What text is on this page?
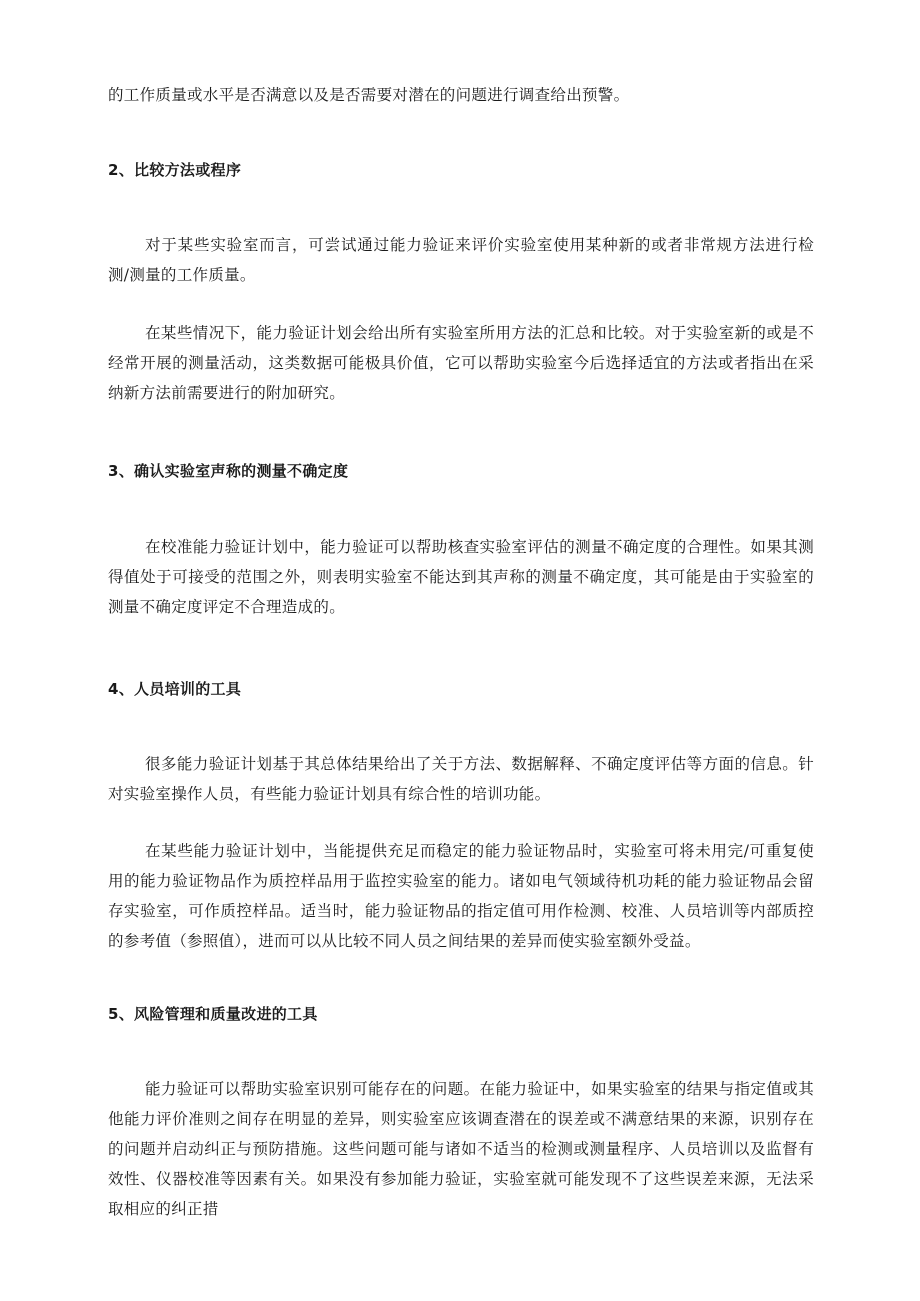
的工作质量或水平是否满意以及是否需要对潜在的问题进行调查给出预警。

2、比较方法或程序

对于某些实验室而言，可尝试通过能力验证来评价实验室使用某种新的或者非常规方法进行检测/测量的工作质量。

在某些情况下，能力验证计划会给出所有实验室所用方法的汇总和比较。对于实验室新的或是不经常开展的测量活动，这类数据可能极具价值，它可以帮助实验室今后选择适宜的方法或者指出在采纳新方法前需要进行的附加研究。

3、确认实验室声称的测量不确定度

在校准能力验证计划中，能力验证可以帮助核查实验室评估的测量不确定度的合理性。如果其测得值处于可接受的范围之外，则表明实验室不能达到其声称的测量不确定度，其可能是由于实验室的测量不确定度评定不合理造成的。

4、人员培训的工具

很多能力验证计划基于其总体结果给出了关于方法、数据解释、不确定度评估等方面的信息。针对实验室操作人员，有些能力验证计划具有综合性的培训功能。

在某些能力验证计划中，当能提供充足而稳定的能力验证物品时，实验室可将未用完/可重复使用的能力验证物品作为质控样品用于监控实验室的能力。诸如电气领域待机功耗的能力验证物品会留存实验室，可作质控样品。适当时，能力验证物品的指定值可用作检测、校准、人员培训等内部质控的参考值（参照值），进而可以从比较不同人员之间结果的差异而使实验室额外受益。

5、风险管理和质量改进的工具

能力验证可以帮助实验室识别可能存在的问题。在能力验证中，如果实验室的结果与指定值或其他能力评价准则之间存在明显的差异，则实验室应该调查潜在的误差或不满意结果的来源，识别存在的问题并启动纠正与预防措施。这些问题可能与诸如不适当的检测或测量程序、人员培训以及监督有效性、仪器校准等因素有关。如果没有参加能力验证，实验室就可能发现不了这些误差来源，无法采取相应的纠正措
